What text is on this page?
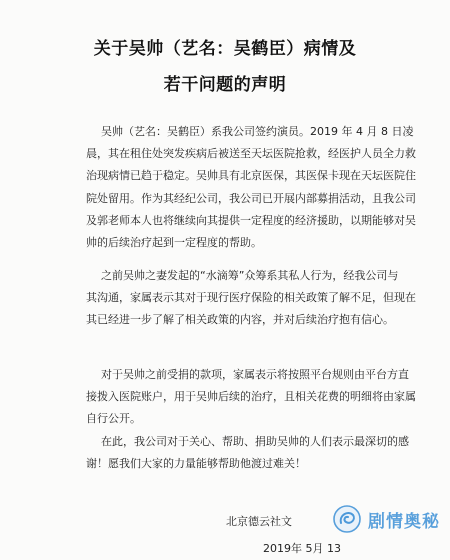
关于吴帅（艺名：吴鹤臣）病情及
若干问题的声明
吴帅（艺名：吴鹤臣）系我公司签约演员。2019 年 4 月 8 日凌
晨，其在租住处突发疾病后被送至天坛医院抢救，经医护人员全力救
治现病情已趋于稳定。吴帅具有北京医保，其医保卡现在天坛医院住
院处留用。作为其经纪公司，我公司已开展内部募捐活动，且我公司
及郭老师本人也将继续向其提供一定程度的经济援助，以期能够对吴
帅的后续治疗起到一定程度的帮助。
之前吴帅之妻发起的“水滴筹”众筹系其私人行为，经我公司与
其沟通，家属表示其对于现行医疗保险的相关政策了解不足，但现在
其已经进一步了解了相关政策的内容，并对后续治疗抱有信心。
对于吴帅之前受捐的款项，家属表示将按照平台规则由平台方直
接拨入医院账户，用于吴帅后续的治疗，且相关花费的明细将由家属
自行公开。
在此，我公司对于关心、帮助、捐助吴帅的人们表示最深切的感
谢！愿我们大家的力量能够帮助他渡过难关！
北京德云社文
2019年 5月 13
剧情奥秘
